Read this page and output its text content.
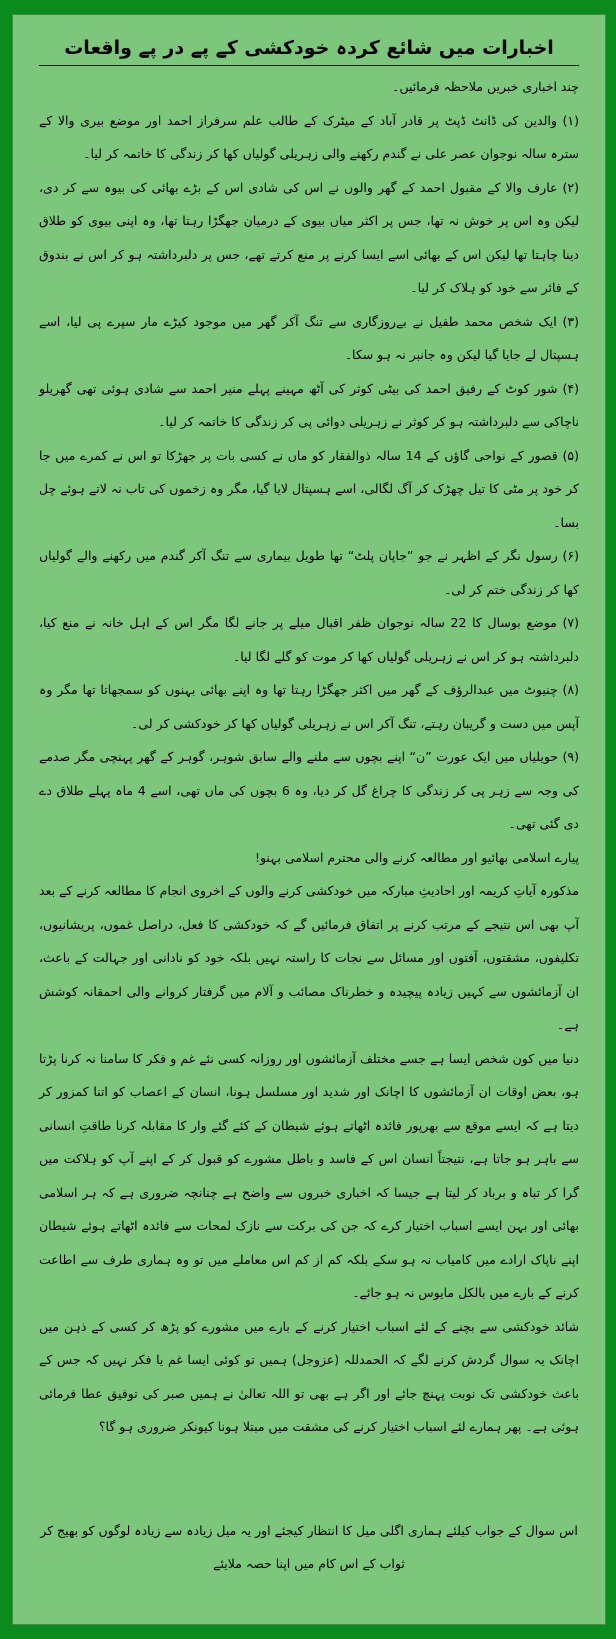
اخبارات میں شائع کردہ خودکشی کے پے در پے واقعات

چند اخباری خبریں ملاحظہ فرمائیں۔

(۱) والدین کی ڈانٹ ڈپٹ پر قادر آباد کے میٹرک کے طالب علم سرفراز احمد اور موضع بیری والا کے سترہ سالہ نوجوان عصر علی نے گندم رکھنے والی زہریلی گولیاں کھا کر زندگی کا خاتمہ کر لیا۔

(۲) عارف والا کے مقبول احمد کے گھر والوں نے اس کی شادی اس کے بڑے بھائی کی بیوہ سے کر دی، لیکن وہ اس پر خوش نہ تھا، جس پر اکثر میاں بیوی کے درمیان جھگڑا رہتا تھا، وہ اپنی بیوی کو طلاق دینا چاہتا تھا لیکن اس کے بھائی اسے ایسا کرنے پر منع کرتے تھے، جس پر دلبرداشتہ ہو کر اس نے بندوق کے فائر سے خود کو ہلاک کر لیا۔

(۳) ایک شخص محمد طفیل نے بےروزگاری سے تنگ آکر گھر میں موجود کیڑے مار سپرے پی لیا، اسے ہسپتال لے جایا گیا لیکن وہ جانبر نہ ہو سکا۔

(۴) شور کوٹ کے رفیق احمد کی بیٹی کوثر کی آٹھ مہینے پہلے منیر احمد سے شادی ہوئی تھی گھریلو ناچاکی سے دلبرداشتہ ہو کر کوثر نے زہریلی دوائی پی کر زندگی کا خاتمہ کر لیا۔

(۵) قصور کے نواحی گاؤں کے 14 سالہ ذوالفقار کو ماں نے کسی بات پر جھڑکا تو اس نے کمرے میں جا کر خود پر مٹی کا تیل چھڑک کر آگ لگالی، اسے ہسپتال لایا گیا، مگر وہ زخموں کی تاب نہ لاتے ہوئے چل بسا۔

(۶) رسول نگر کے اظہر نے جو ”جاپان پلٹ“ تھا طویل بیماری سے تنگ آکر گندم میں رکھنے والے گولیاں کھا کر زندگی ختم کر لی۔

(۷) موضع بوسال کا 22 سالہ نوجوان ظفر اقبال میلے پر جانے لگا مگر اس کے اہل خانہ نے منع کیا، دلبرداشتہ ہو کر اس نے زہریلی گولیاں کھا کر موت کو گلے لگا لیا۔

(۸) چنیوٹ میں عبدالرؤف کے گھر میں اکثر جھگڑا رہتا تھا وہ اپنے بھائی بہنوں کو سمجھاتا تھا مگر وہ آپس میں دست و گریبان رہتے، تنگ آکر اس نے زہریلی گولیاں کھا کر خودکشی کر لی۔

(۹) حویلیاں میں ایک عورت ”ن“ اپنے بچوں سے ملنے والے سابق شوہر، گوہر کے گھر پہنچی مگر صدمے کی وجہ سے زہر پی کر زندگی کا چراغ گل کر دیا، وہ 6 بچوں کی ماں تھی، اسے 4 ماہ پہلے طلاق دے دی گئی تھی۔

پیارے اسلامی بھائیو اور مطالعہ کرنے والی محترم اسلامی بہنو!

مذکورہ آیاتِ کریمہ اور احادیثِ مبارکہ میں خودکشی کرنے والوں کے اخروی انجام کا مطالعہ کرنے کے بعد آپ بھی اس نتیجے کے مرتب کرنے پر اتفاق فرمائیں گے کہ خودکشی کا فعل، دراصل غموں، پریشانیوں، تکلیفوں، مشقتوں، آفتوں اور مسائل سے نجات کا راستہ نہیں بلکہ خود کو نادانی اور جہالت کے باعث، ان آزمائشوں سے کہیں زیادہ پیچیدہ و خطرناک مصائب و آلام میں گرفتار کروانے والی احمقانہ کوشش ہے۔

دنیا میں کون شخص ایسا ہے جسے مختلف آزمائشوں اور روزانہ کسی نئے غم و فکر کا سامنا نہ کرنا پڑتا ہو، بعض اوقات ان آزمائشوں کا اچانک اور شدید اور مسلسل ہونا، انسان کے اعصاب کو اتنا کمزور کر دیتا ہے کہ ایسے موقع سے بھرپور فائدہ اٹھاتے ہوئے شیطان کے کئے گئے وار کا مقابلہ کرنا طاقتِ انسانی سے باہر ہو جاتا ہے، نتیجتاً انسان اس کے فاسد و باطل مشورے کو قبول کر کے اپنے آپ کو ہلاکت میں گرا کر تباہ و برباد کر لیتا ہے جیسا کہ اخباری خبروں سے واضح ہے چنانچہ ضروری ہے کہ ہر اسلامی بھائی اور بہن ایسے اسباب اختیار کرے کہ جن کی برکت سے نازک لمحات سے فائدہ اٹھاتے ہوئے شیطان اپنے ناپاک ارادے میں کامیاب نہ ہو سکے بلکہ کم از کم اس معاملے میں تو وہ ہماری طرف سے اطاعت کرنے کے بارے میں بالکل مایوس نہ ہو جائے۔

شائد خودکشی سے بچنے کے لئے اسباب اختیار کرنے کے بارے میں مشورے کو پڑھ کر کسی کے ذہن میں اچانک یہ سوال گردش کرنے لگے کہ الحمدللہ (عزوجل) ہمیں تو کوئی ایسا غم یا فکر نہیں کہ جس کے باعث خودکشی تک نوبت پہنچ جائے اور اگر ہے بھی تو اللہ تعالیٰ نے ہمیں صبر کی توفیق عطا فرمائی ہوئی ہے۔ پھر ہمارے لئے اسباب اختیار کرنے کی مشقت میں مبتلا ہونا کیونکر ضروری ہو گا؟

اس سوال کے جواب کیلئے ہماری اگلی میل کا انتظار کیجئے اور یہ میل زیادہ سے زیادہ لوگوں کو بھیج کر ثواب کے اس کام میں اپنا حصہ ملایئے
